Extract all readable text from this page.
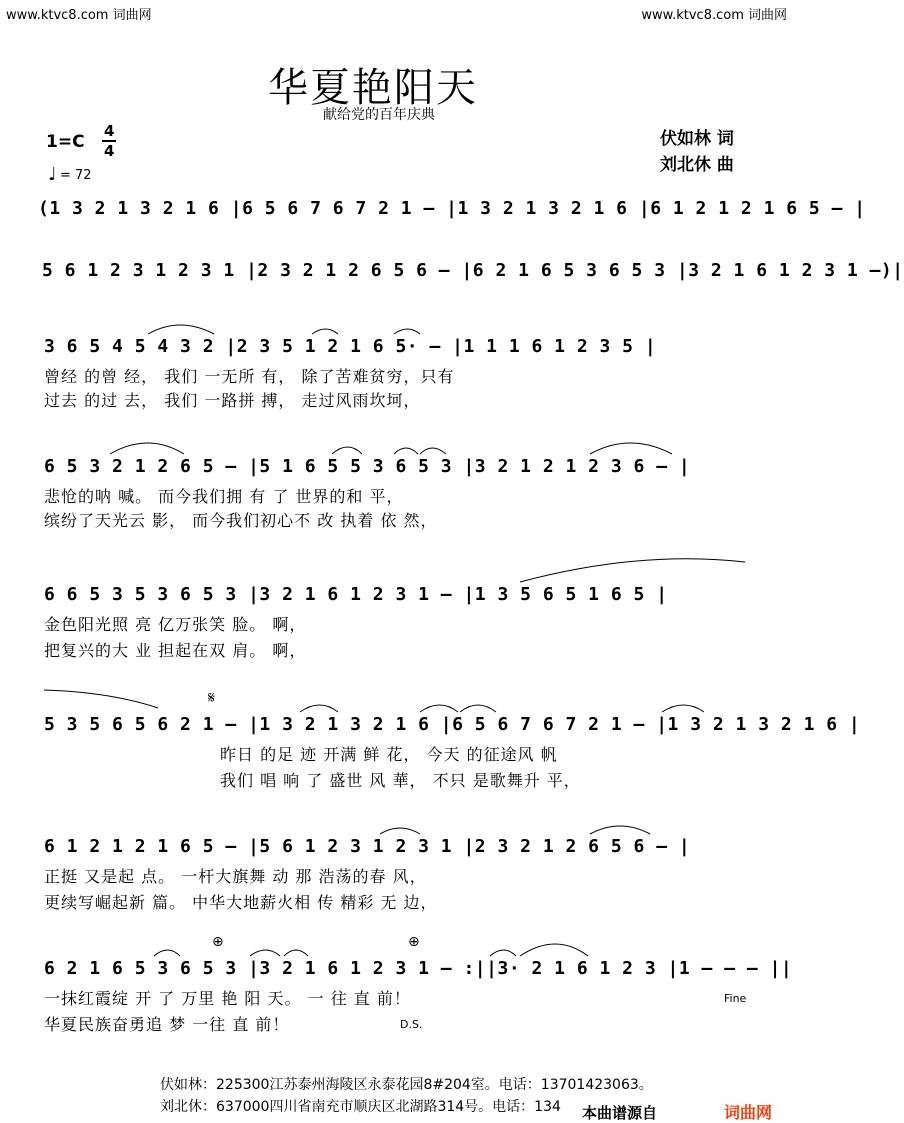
www.ktvc8.com 词曲网	www.ktvc8.com 词曲网
华夏艳阳天
献给党的百年庆典
伏如林 词
刘北休 曲
1=C
4
4
♩ = 72
(1 3 2 1 3 2 1 6 |6 5 6 7 6 7 2 1 – |1 3 2 1 3 2 1 6 |6 1 2 1 2 1 6 5 – |
5 6 1 2 3 1 2 3 1 |2 3 2 1 2 6 5 6 – |6 2 1 6 5 3 6 5 3 |3 2 1 6 1 2 3 1 –)|
3 6 5 4 5 4 3 2 |2 3 5 1 2 1 6 5· – |1 1 1 6 1 2 3 5 |
曾经 的曾 经， 我们 一无所 有， 除了苦难贫穷，只有
过去 的过 去， 我们 一路拼 搏， 走过风雨坎坷，
6 5 3 2 1 2 6 5 – |5 1 6 5 5 3 6 5 3 |3 2 1 2 1 2 3 6 – |
悲怆的呐 喊。 而今我们拥 有 了 世界的和 平，
缤纷了天光云 影， 而今我们初心不 改 执着 依 然，
6 6 5 3 5 3 6 5 3 |3 2 1 6 1 2 3 1 – |1 3 5 6 5 1 6 5 |
金色阳光照 亮 亿万张笑 脸。 啊，
把复兴的大 业 担起在双 肩。 啊，
𝄋
5 3 5 6 5 6 2 1 – |1 3 2 1 3 2 1 6 |6 5 6 7 6 7 2 1 – |1 3 2 1 3 2 1 6 |
昨日 的足 迹 开满 鲜 花， 今天 的征途风 帆
我们 唱 响 了 盛世 风 華， 不只 是歌舞升 平，
6 1 2 1 2 1 6 5 – |5 6 1 2 3 1 2 3 1 |2 3 2 1 2 6 5 6 – |
正挺 又是起 点。 一杆大旗舞 动 那 浩荡的春 风，
更续写崛起新 篇。 中华大地薪火相 传 精彩 无 边，
⊕	⊕
6 2 1 6 5 3 6 5 3 |3 2 1 6 1 2 3 1 – :||3· 2 1 6 1 2 3 |1 – – – ||
一抹红霞绽 开 了 万里 艳 阳 天。 一 往 直 前！
华夏民族奋勇追 梦 一往 直 前！
Fine
D.S.
伏如林：225300江苏泰州海陵区永泰花园8#204室。电话：13701423063。
刘北休：637000四川省南充市顺庆区北湖路314号。电话：134 本曲谱源自	词曲网
